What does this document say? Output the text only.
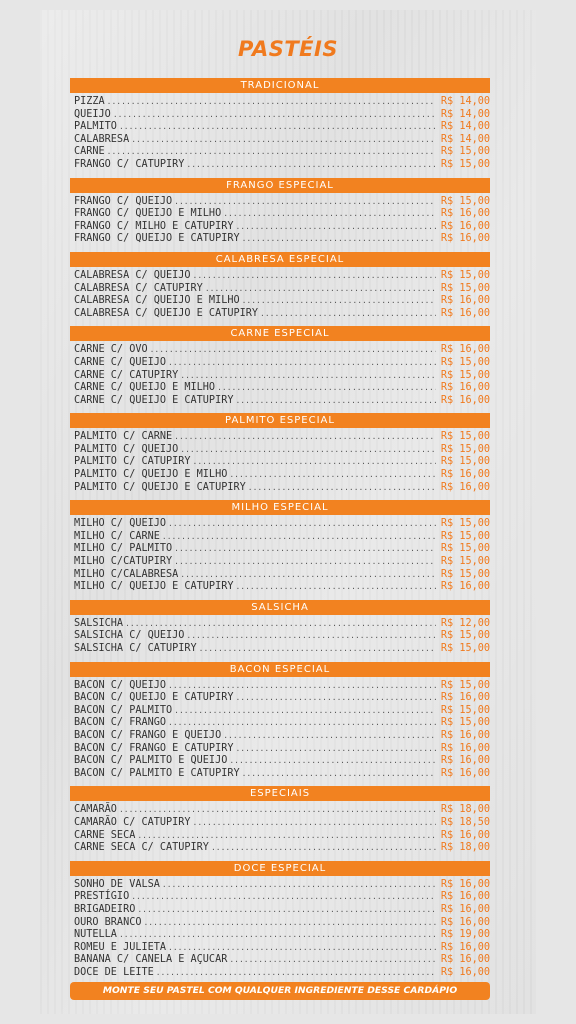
PASTÉIS
TRADICIONAL
PIZZA .....	R$ 14,00
QUEIJO .....	R$ 14,00
PALMITO .....	R$ 14,00
CALABRESA .....	R$ 14,00
CARNE .....	R$ 15,00
FRANGO C/ CATUPIRY .....	R$ 15,00
FRANGO ESPECIAL
FRANGO C/ QUEIJO .....	R$ 15,00
FRANGO C/ QUEIJO E MILHO .....	R$ 16,00
FRANGO C/ MILHO E CATUPIRY .....	R$ 16,00
FRANGO C/ QUEIJO E CATUPIRY .....	R$ 16,00
CALABRESA ESPECIAL
CALABRESA C/ QUEIJO .....	R$ 15,00
CALABRESA C/ CATUPIRY .....	R$ 15,00
CALABRESA C/ QUEIJO E MILHO .....	R$ 16,00
CALABRESA C/ QUEIJO E CATUPIRY .....	R$ 16,00
CARNE ESPECIAL
CARNE C/ OVO .....	R$ 16,00
CARNE C/ QUEIJO .....	R$ 15,00
CARNE C/ CATUPIRY .....	R$ 15,00
CARNE C/ QUEIJO E MILHO .....	R$ 16,00
CARNE C/ QUEIJO E CATUPIRY .....	R$ 16,00
PALMITO ESPECIAL
PALMITO C/ CARNE .....	R$ 15,00
PALMITO C/ QUEIJO .....	R$ 15,00
PALMITO C/ CATUPIRY .....	R$ 15,00
PALMITO C/ QUEIJO E MILHO .....	R$ 16,00
PALMITO C/ QUEIJO E CATUPIRY .....	R$ 16,00
MILHO ESPECIAL
MILHO C/ QUEIJO .....	R$ 15,00
MILHO C/ CARNE .....	R$ 15,00
MILHO C/ PALMITO .....	R$ 15,00
MILHO C/CATUPIRY .....	R$ 15,00
MILHO C/CALABRESA .....	R$ 15,00
MILHO C/ QUEIJO E CATUPIRY .....	R$ 16,00
SALSICHA
SALSICHA .....	R$ 12,00
SALSICHA C/ QUEIJO .....	R$ 15,00
SALSICHA C/ CATUPIRY .....	R$ 15,00
BACON ESPECIAL
BACON C/ QUEIJO .....	R$ 15,00
BACON C/ QUEIJO E CATUPIRY .....	R$ 16,00
BACON C/ PALMITO .....	R$ 15,00
BACON C/ FRANGO .....	R$ 15,00
BACON C/ FRANGO E QUEIJO .....	R$ 16,00
BACON C/ FRANGO E CATUPIRY .....	R$ 16,00
BACON C/ PALMITO E QUEIJO .....	R$ 16,00
BACON C/ PALMITO E CATUPIRY .....	R$ 16,00
ESPECIAIS
CAMARÃO .....	R$ 18,00
CAMARÃO C/ CATUPIRY .....	R$ 18,50
CARNE SECA .....	R$ 16,00
CARNE SECA C/ CATUPIRY .....	R$ 18,00
DOCE ESPECIAL
SONHO DE VALSA .....	R$ 16,00
PRESTÍGIO .....	R$ 16,00
BRIGADEIRO .....	R$ 16,00
OURO BRANCO .....	R$ 16,00
NUTELLA .....	R$ 19,00
ROMEU E JULIETA .....	R$ 16,00
BANANA C/ CANELA E AÇUCAR .....	R$ 16,00
DOCE DE LEITE .....	R$ 16,00
MONTE SEU PASTEL COM QUALQUER INGREDIENTE DESSE CARDÁPIO
